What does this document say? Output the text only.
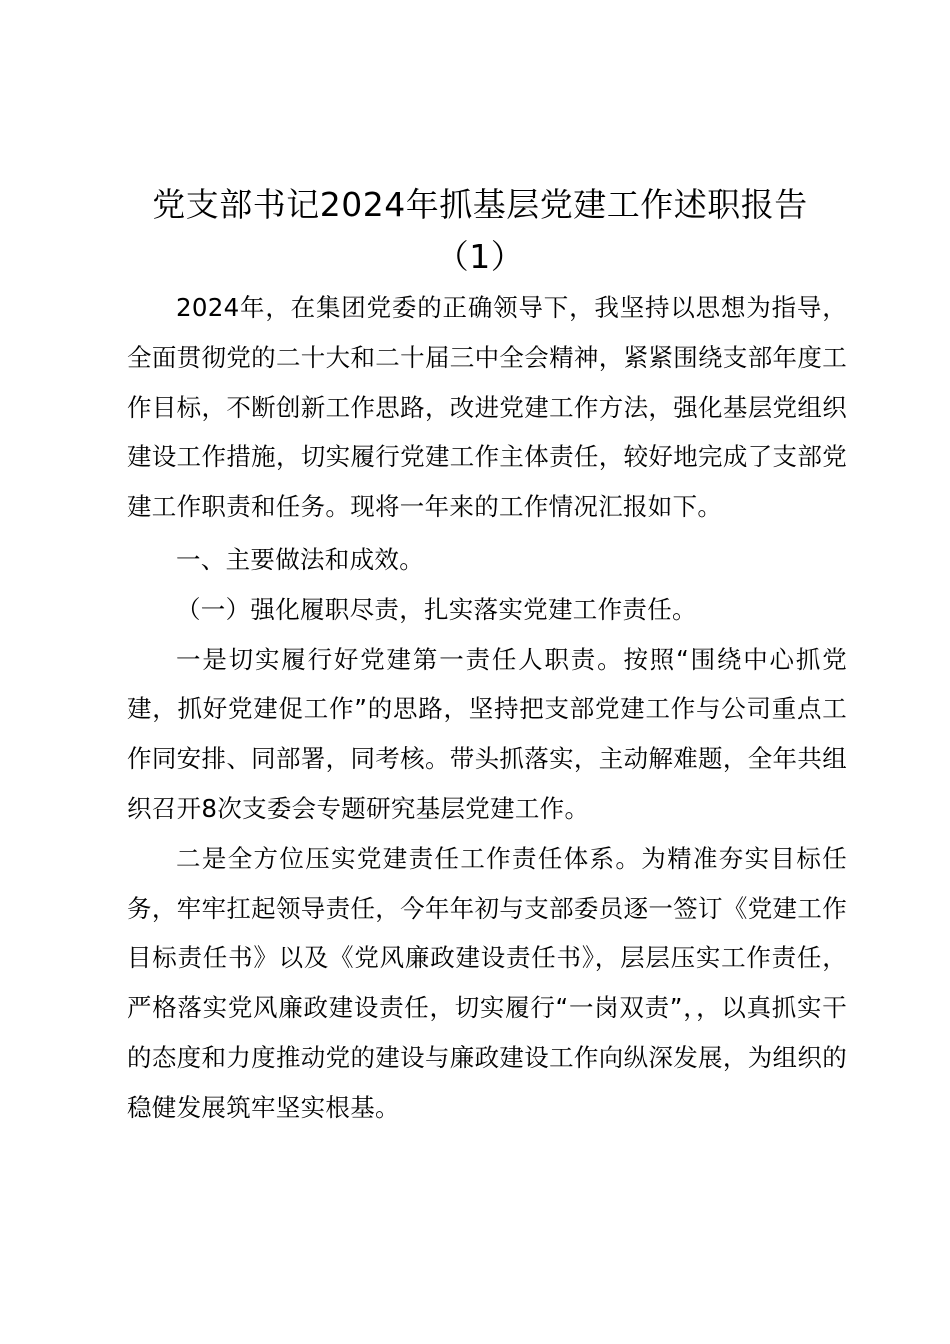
党支部书记2024年抓基层党建工作述职报告
（1）

2024年，在集团党委的正确领导下，我坚持以思想为指导，全面贯彻党的二十大和二十届三中全会精神，紧紧围绕支部年度工作目标，不断创新工作思路，改进党建工作方法，强化基层党组织建设工作措施，切实履行党建工作主体责任，较好地完成了支部党建工作职责和任务。现将一年来的工作情况汇报如下。

一、主要做法和成效。

（一）强化履职尽责，扎实落实党建工作责任。

一是切实履行好党建第一责任人职责。按照“围绕中心抓党建，抓好党建促工作”的思路，坚持把支部党建工作与公司重点工作同安排、同部署，同考核。带头抓落实，主动解难题，全年共组织召开8次支委会专题研究基层党建工作。

二是全方位压实党建责任工作责任体系。为精准夯实目标任务，牢牢扛起领导责任，今年年初与支部委员逐一签订《党建工作目标责任书》以及《党风廉政建设责任书》，层层压实工作责任，严格落实党风廉政建设责任，切实履行“一岗双责”，，以真抓实干的态度和力度推动党的建设与廉政建设工作向纵深发展，为组织的稳健发展筑牢坚实根基。
